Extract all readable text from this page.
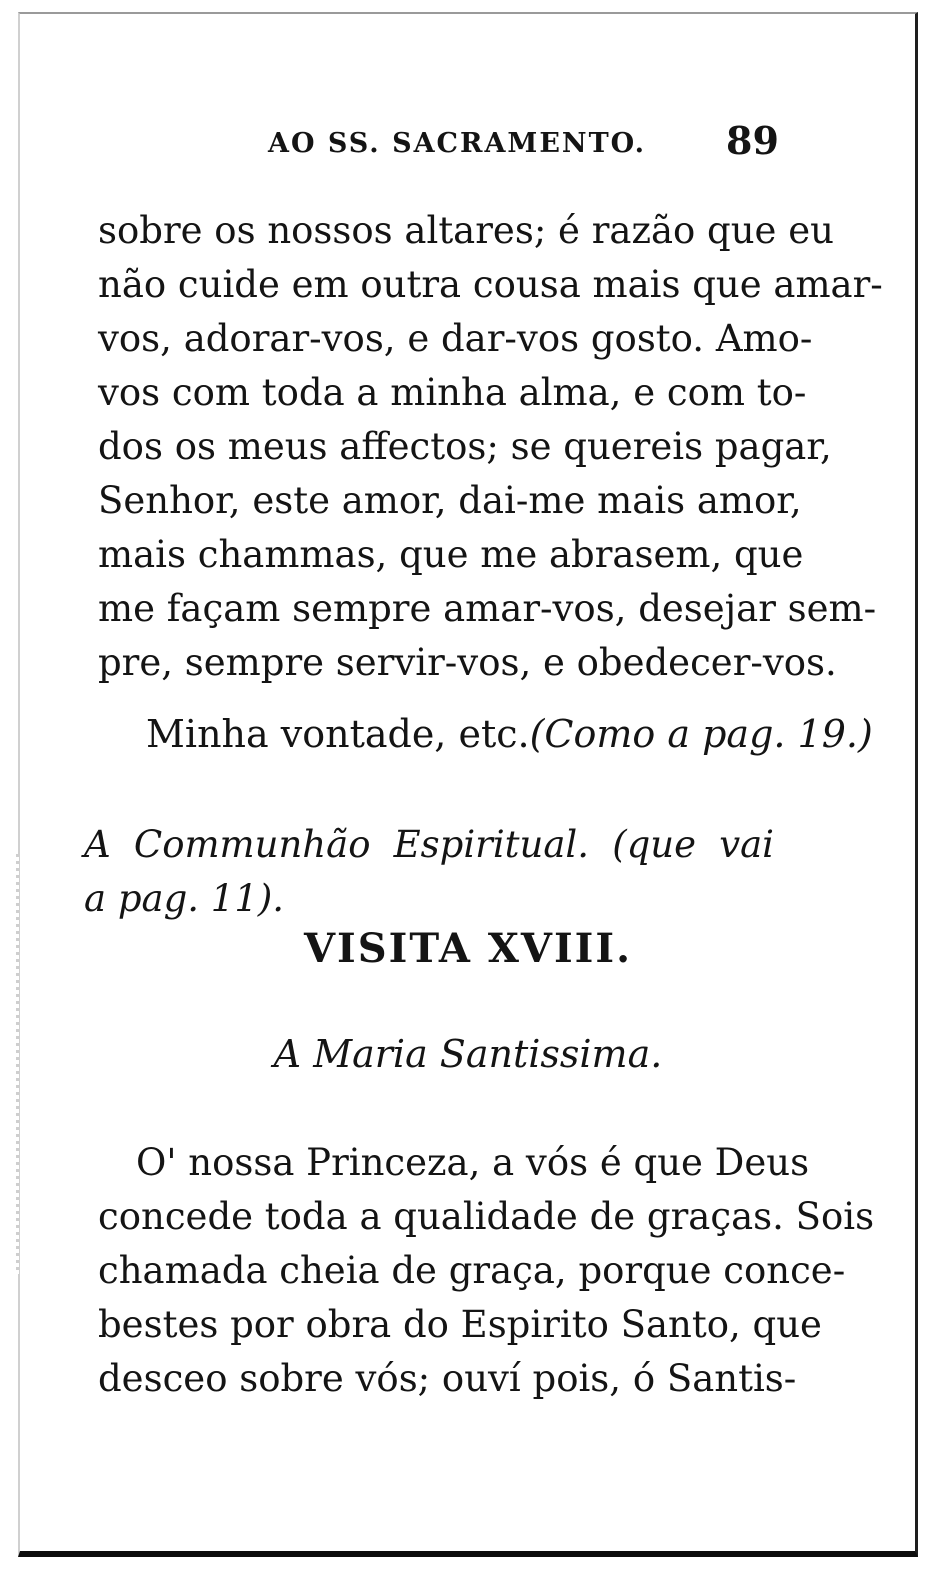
AO SS. SACRAMENTO. 89
sobre os nossos altares; é razão que eu
não cuide em outra cousa mais que amar-
vos, adorar-vos, e dar-vos gosto. Amo-
vos com toda a minha alma, e com to-
dos os meus affectos; se quereis pagar,
Senhor, este amor, dai-me mais amor,
mais chammas, que me abrasem, que
me façam sempre amar-vos, desejar sem-
pre, sempre servir-vos, e obedecer-vos.
Minha vontade, etc.(Como a pag. 19.)
A Communhão Espiritual. (que vai
a pag. 11).
VISITA XVIII.
A Maria Santissima.
O' nossa Princeza, a vós é que Deus
concede toda a qualidade de graças. Sois
chamada cheia de graça, porque conce-
bestes por obra do Espirito Santo, que
desceo sobre vós; ouví pois, ó Santis-
